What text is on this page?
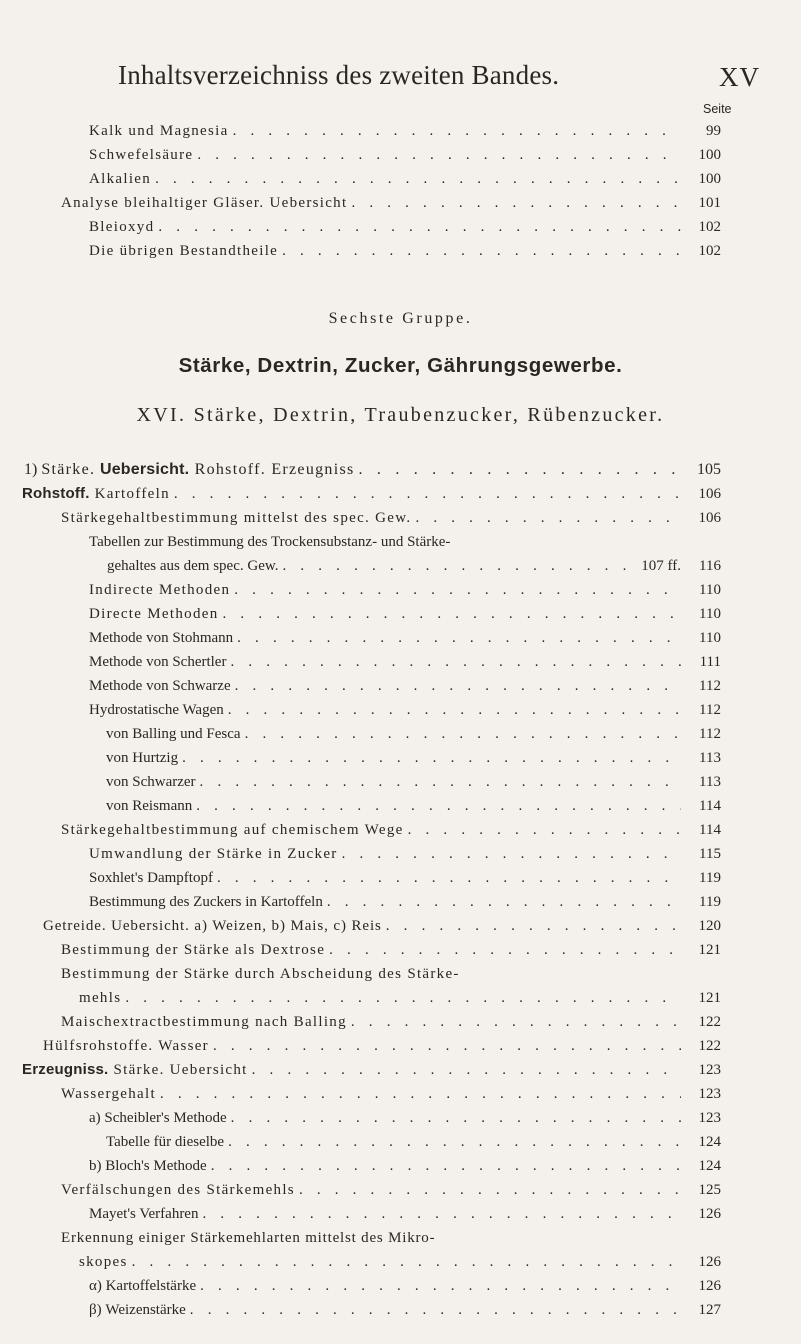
Inhaltsverzeichniss des zweiten Bandes.	XV
Seite
Kalk und Magnesia . . .	99
Schwefelsäure . . .	100
Alkalien . . .	100
Analyse bleihaltiger Gläser. Uebersicht . . .	101
Bleioxyd . . .	102
Die übrigen Bestandtheile . . .	102
Sechste Gruppe.
Stärke, Dextrin, Zucker, Gährungsgewerbe.
XVI. Stärke, Dextrin, Traubenzucker, Rübenzucker.
1) Stärke. Uebersicht. Rohstoff. Erzeugniss . . .	105
Rohstoff. Kartoffeln . . .	106
Stärkegehaltbestimmung mittelst des spec. Gew. . . .	106
Tabellen zur Bestimmung des Trockensubstanz- und Stärke-
gehaltes aus dem spec. Gew. . . .	107 ff.	116
Indirecte Methoden . . .	110
Directe Methoden . . .	110
Methode von Stohmann . . .	110
Methode von Schertler . . .	111
Methode von Schwarze . . .	112
Hydrostatische Wagen . . .	112
von Balling und Fesca . . .	112
von Hurtzig . . .	113
von Schwarzer . . .	113
von Reismann . . .	114
Stärkegehaltbestimmung auf chemischem Wege . . .	114
Umwandlung der Stärke in Zucker . . .	115
Soxhlet's Dampftopf . . .	119
Bestimmung des Zuckers in Kartoffeln . . .	119
Getreide. Uebersicht. a) Weizen, b) Mais, c) Reis . . .	120
Bestimmung der Stärke als Dextrose . . .	121
Bestimmung der Stärke durch Abscheidung des Stärke-
mehls . . .	121
Maischextractbestimmung nach Balling . . .	122
Hülfsrohstoffe. Wasser . . .	122
Erzeugniss. Stärke. Uebersicht . . .	123
Wassergehalt . . .	123
a) Scheibler's Methode . . .	123
Tabelle für dieselbe . . .	124
b) Bloch's Methode . . .	124
Verfälschungen des Stärkemehls . . .	125
Mayet's Verfahren . . .	126
Erkennung einiger Stärkemehlarten mittelst des Mikro-
skopes . . .	126
α) Kartoffelstärke . . .	126
β) Weizenstärke . . .	127
